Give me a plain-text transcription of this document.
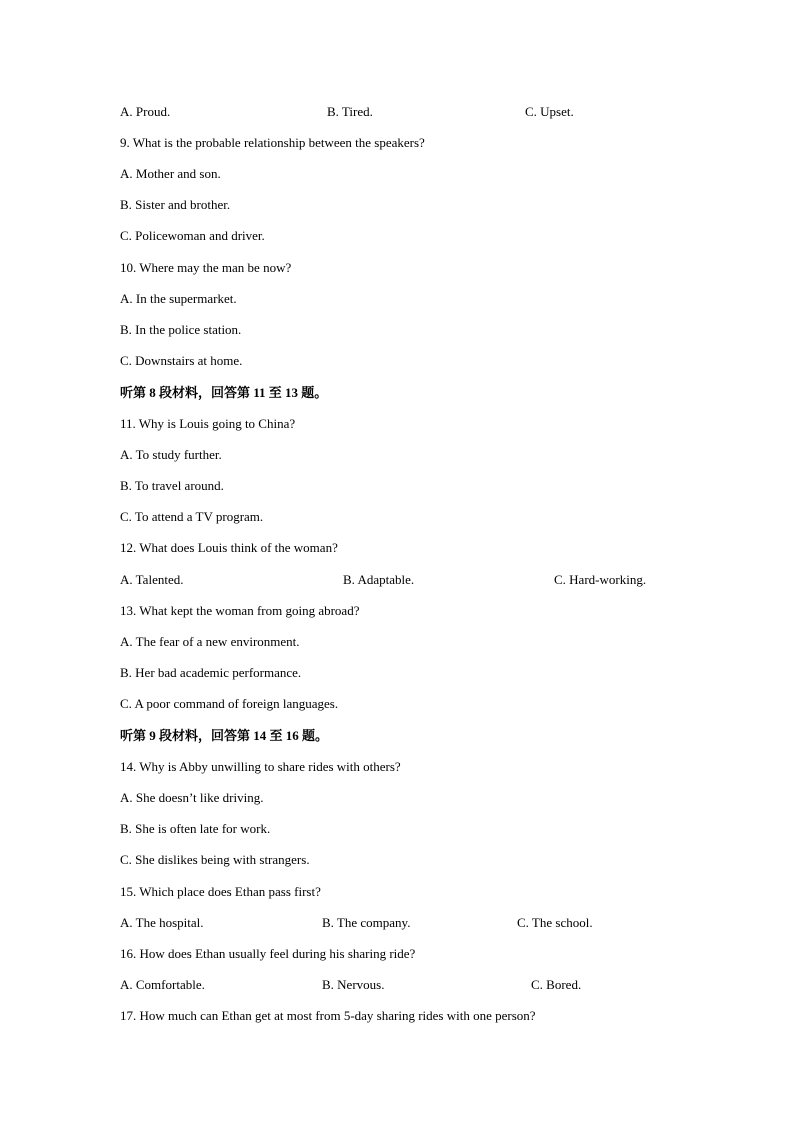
A. Proud.	B. Tired.	C. Upset.
9. What is the probable relationship between the speakers?
A. Mother and son.
B. Sister and brother.
C. Policewoman and driver.
10. Where may the man be now?
A. In the supermarket.
B. In the police station.
C. Downstairs at home.
听第 8 段材料，回答第 11 至 13 题。
11. Why is Louis going to China?
A. To study further.
B. To travel around.
C. To attend a TV program.
12. What does Louis think of the woman?
A. Talented.	B. Adaptable.	C. Hard-working.
13. What kept the woman from going abroad?
A. The fear of a new environment.
B. Her bad academic performance.
C. A poor command of foreign languages.
听第 9 段材料，回答第 14 至 16 题。
14. Why is Abby unwilling to share rides with others?
A. She doesn’t like driving.
B. She is often late for work.
C. She dislikes being with strangers.
15. Which place does Ethan pass first?
A. The hospital.	B. The company.	C. The school.
16. How does Ethan usually feel during his sharing ride?
A. Comfortable.	B. Nervous.	C. Bored.
17. How much can Ethan get at most from 5-day sharing rides with one person?
